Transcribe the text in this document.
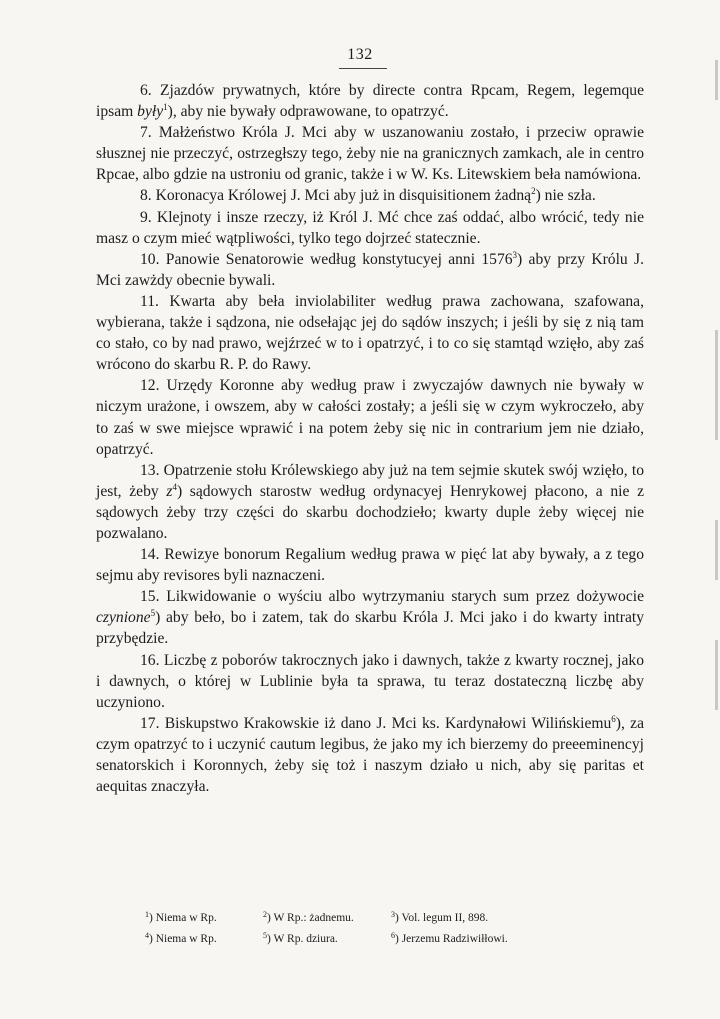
132

6. Zjazdów prywatnych, które by directe contra Rpcam, Regem, legemque ipsam były$^1$), aby nie bywały odprawowane, to opatrzyć.

7. Małżeństwo Króla J. Mci aby w uszanowaniu zostało, i przeciw oprawie słusznej nie przeczyć, ostrzegłszy tego, żeby nie na granicznych zamkach, ale in centro Rpcae, albo gdzie na ustroniu od granic, także i w W. Ks. Litewskiem beła namówiona.

8. Koronacya Królowej J. Mci aby już in disquisitionem żadną$^2$) nie szła.

9. Klejnoty i insze rzeczy, iż Król J. Mć chce zaś oddać, albo wrócić, tedy nie masz o czym mieć wątpliwości, tylko tego dojrzeć statecznie.

10. Panowie Senatorowie według konstytucyej anni 1576$^3$) aby przy Królu J. Mci zawżdy obecnie bywali.

11. Kwarta aby beła inviolabiliter według prawa zachowana, szafowana, wybierana, także i sądzona, nie odsełając jej do sądów inszych; i jeśli by się z nią tam co stało, co by nad prawo, wejźrzeć w to i opatrzyć, i to co się stamtąd wzięło, aby zaś wrócono do skarbu R. P. do Rawy.

12. Urzędy Koronne aby według praw i zwyczajów dawnych nie bywały w niczym urażone, i owszem, aby w całości zostały; a jeśli się w czym wykroczeło, aby to zaś w swe miejsce wprawić i na potem żeby się nic in contrarium jem nie działo, opatrzyć.

13. Opatrzenie stołu Królewskiego aby już na tem sejmie skutek swój wzięło, to jest, żeby $z^4$) sądowych starostw według ordynacyej Henrykowej płacono, a nie z sądowych żeby trzy części do skarbu dochodzieło; kwarty duple żeby więcej nie pozwalano.

14. Rewizye bonorum Regalium według prawa w pięć lat aby bywały, a z tego sejmu aby revisores byli naznaczeni.

15. Likwidowanie o wyściu albo wytrzymaniu starych sum przez dożywocie czynione$^5$) aby beło, bo i zatem, tak do skarbu Króla J. Mci jako i do kwarty intraty przybędzie.

16. Liczbę z poborów takrocznych jako i dawnych, także z kwarty rocznej, jako i dawnych, o której w Lublinie była ta sprawa, tu teraz dostateczną liczbę aby uczyniono.

17. Biskupstwo Krakowskie iż dano J. Mci ks. Kardynałowi Wilińskiemu$^6$), za czym opatrzyć to i uczynić cautum legibus, że jako my ich bierzemy do preeeminencyj senatorskich i Koronnych, żeby się toż i naszym działo u nich, aby się paritas et aequitas znaczyła.

$^1$) Niema w Rp.	$^2$) W Rp.: żadnemu.	$^3$) Vol. legum II, 898.
$^4$) Niema w Rp.	$^5$) W Rp. dziura.	$^6$) Jerzemu Radziwiłłowi.
